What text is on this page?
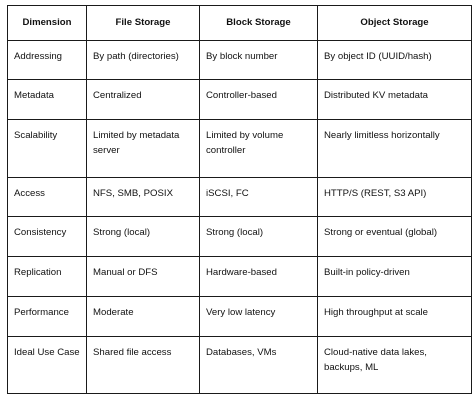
Dimension	File Storage	Block Storage	Object Storage
Addressing	By path (directories)	By block number	By object ID (UUID/hash)
Metadata	Centralized	Controller-based	Distributed KV metadata
Scalability	Limited by metadata server	Limited by volume controller	Nearly limitless horizontally
Access	NFS, SMB, POSIX	iSCSI, FC	HTTP/S (REST, S3 API)
Consistency	Strong (local)	Strong (local)	Strong or eventual (global)
Replication	Manual or DFS	Hardware-based	Built-in policy-driven
Performance	Moderate	Very low latency	High throughput at scale
Ideal Use Case	Shared file access	Databases, VMs	Cloud-native data lakes, backups, ML
